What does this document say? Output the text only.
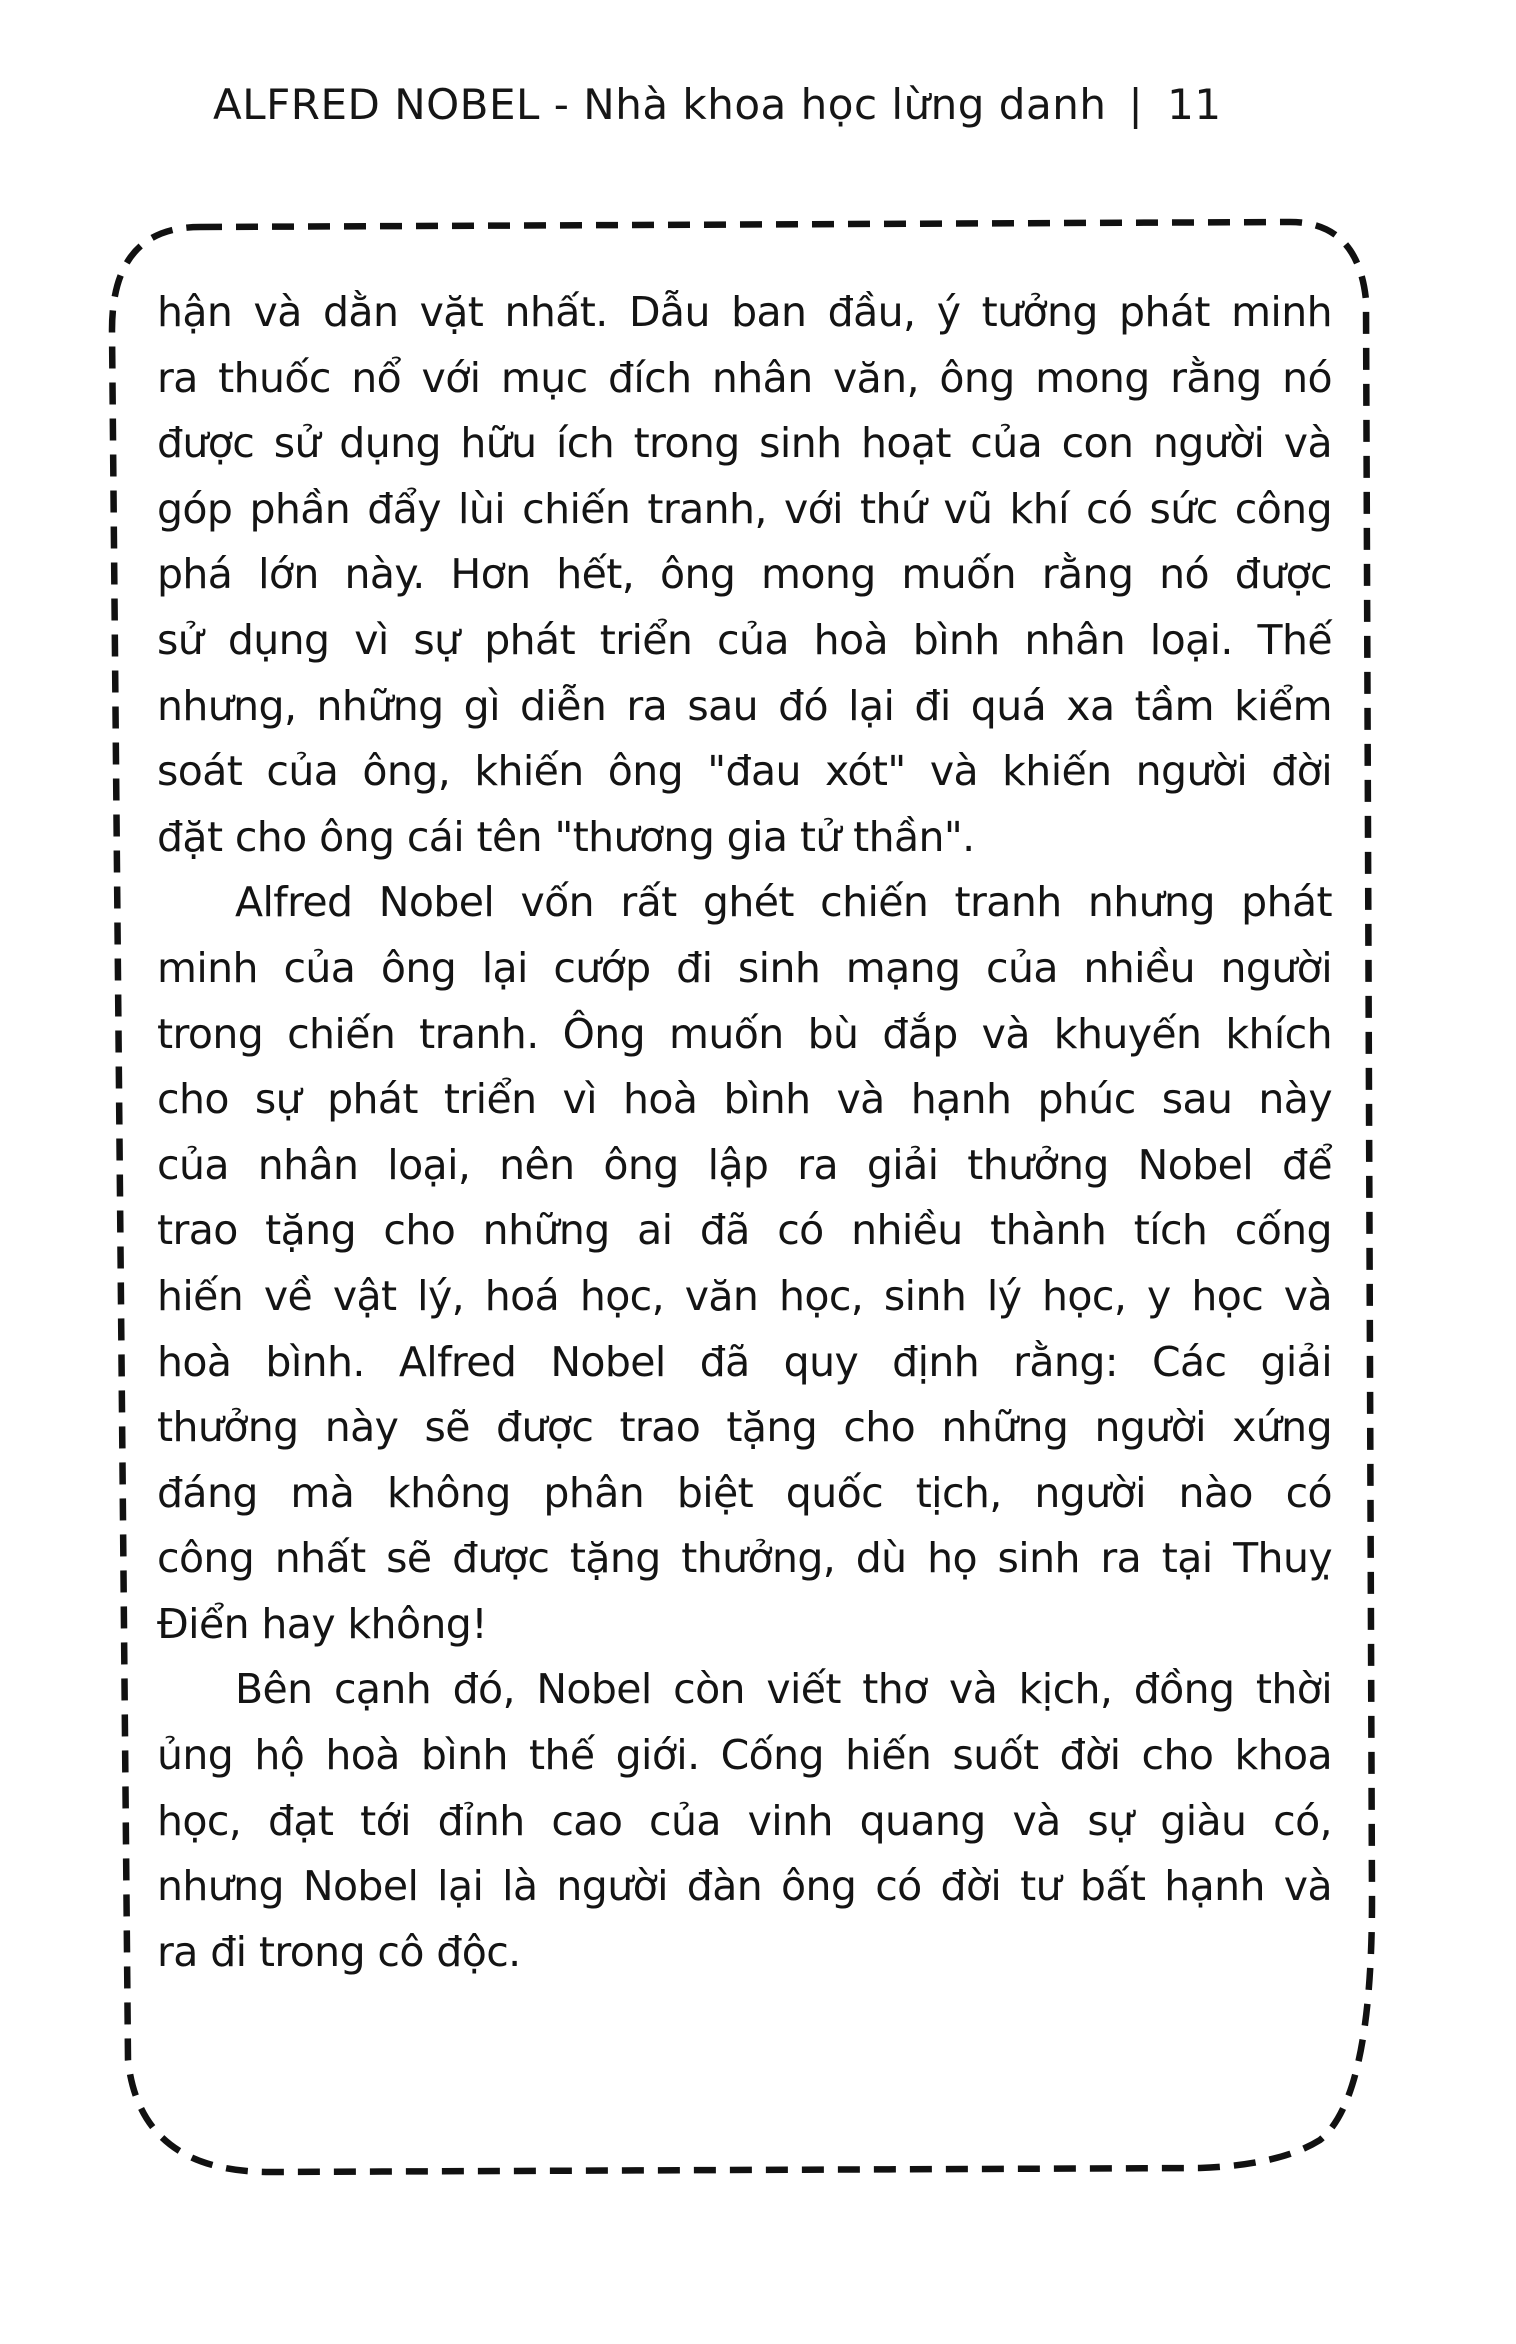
ALFRED NOBEL - Nhà khoa học lừng danh | 11
hận và dằn vặt nhất. Dẫu ban đầu, ý tưởng phát minh
ra thuốc nổ với mục đích nhân văn, ông mong rằng nó
được sử dụng hữu ích trong sinh hoạt của con người và
góp phần đẩy lùi chiến tranh, với thứ vũ khí có sức công
phá lớn này. Hơn hết, ông mong muốn rằng nó được
sử dụng vì sự phát triển của hoà bình nhân loại. Thế
nhưng, những gì diễn ra sau đó lại đi quá xa tầm kiểm
soát của ông, khiến ông "đau xót" và khiến người đời
đặt cho ông cái tên "thương gia tử thần".
Alfred Nobel vốn rất ghét chiến tranh nhưng phát
minh của ông lại cướp đi sinh mạng của nhiều người
trong chiến tranh. Ông muốn bù đắp và khuyến khích
cho sự phát triển vì hoà bình và hạnh phúc sau này
của nhân loại, nên ông lập ra giải thưởng Nobel để
trao tặng cho những ai đã có nhiều thành tích cống
hiến về vật lý, hoá học, văn học, sinh lý học, y học và
hoà bình. Alfred Nobel đã quy định rằng: Các giải
thưởng này sẽ được trao tặng cho những người xứng
đáng mà không phân biệt quốc tịch, người nào có
công nhất sẽ được tặng thưởng, dù họ sinh ra tại Thuỵ
Điển hay không!
Bên cạnh đó, Nobel còn viết thơ và kịch, đồng thời
ủng hộ hoà bình thế giới. Cống hiến suốt đời cho khoa
học, đạt tới đỉnh cao của vinh quang và sự giàu có,
nhưng Nobel lại là người đàn ông có đời tư bất hạnh và
ra đi trong cô độc.
